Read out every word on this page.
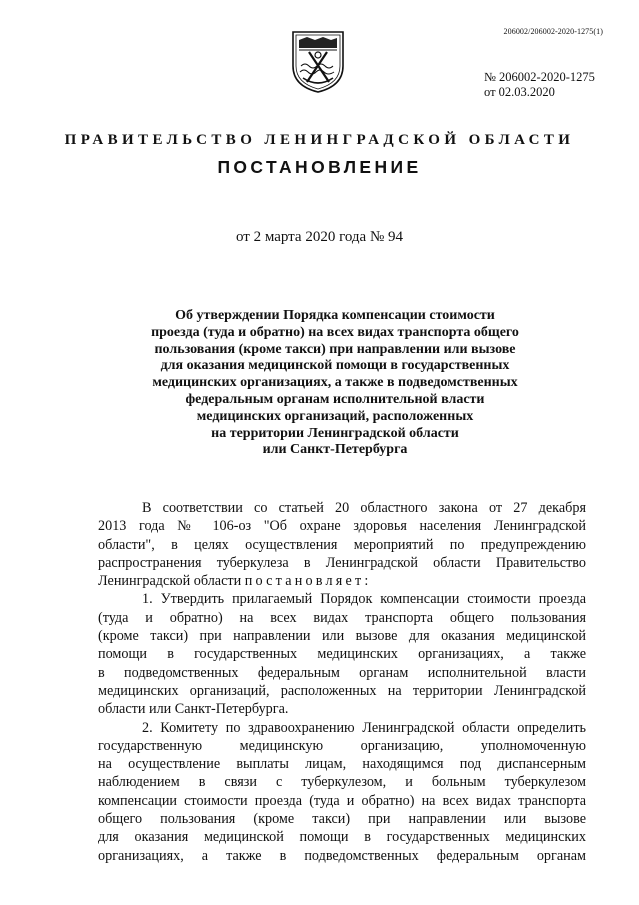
206002/206002-2020-1275(1)
№ 206002-2020-1275
от 02.03.2020
ПРАВИТЕЛЬСТВО ЛЕНИНГРАДСКОЙ ОБЛАСТИ
ПОСТАНОВЛЕНИЕ
от 2 марта 2020 года № 94
Об утверждении Порядка компенсации стоимости
проезда (туда и обратно) на всех видах транспорта общего
пользования (кроме такси) при направлении или вызове
для оказания медицинской помощи в государственных
медицинских организациях, а также в подведомственных
федеральным органам исполнительной власти
медицинских организаций, расположенных
на территории Ленинградской области
или Санкт-Петербурга
В соответствии со статьей 20 областного закона от 27 декабря
2013 года № 106-оз "Об охране здоровья населения Ленинградской
области", в целях осуществления мероприятий по предупреждению
распространения туберкулеза в Ленинградской области Правительство
Ленинградской области постановляет:
1. Утвердить прилагаемый Порядок компенсации стоимости проезда
(туда и обратно) на всех видах транспорта общего пользования
(кроме такси) при направлении или вызове для оказания медицинской
помощи в государственных медицинских организациях, а также
в подведомственных федеральным органам исполнительной власти
медицинских организаций, расположенных на территории Ленинградской
области или Санкт-Петербурга.
2. Комитету по здравоохранению Ленинградской области определить
государственную медицинскую организацию, уполномоченную
на осуществление выплаты лицам, находящимся под диспансерным
наблюдением в связи с туберкулезом, и больным туберкулезом
компенсации стоимости проезда (туда и обратно) на всех видах транспорта
общего пользования (кроме такси) при направлении или вызове
для оказания медицинской помощи в государственных медицинских
организациях, а также в подведомственных федеральным органам
